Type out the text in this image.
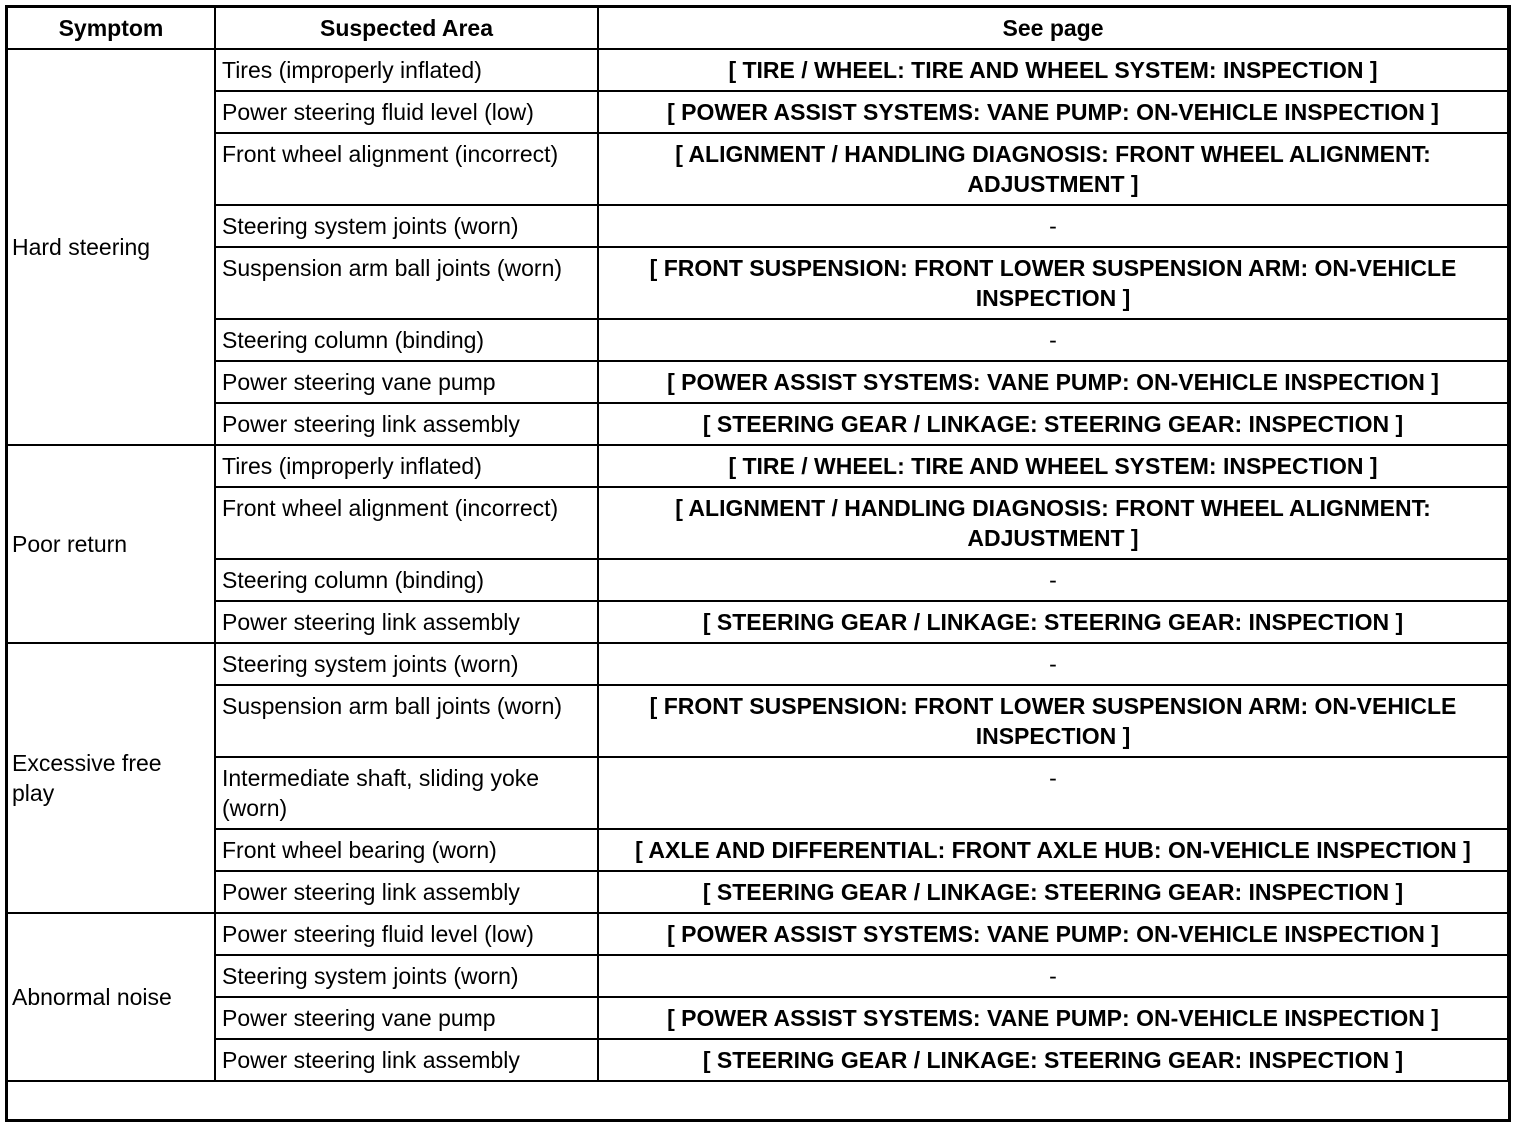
Symptom	Suspected Area	See page
Hard steering	Tires (improperly inflated)	[ TIRE / WHEEL: TIRE AND WHEEL SYSTEM: INSPECTION ]
	Power steering fluid level (low)	[ POWER ASSIST SYSTEMS: VANE PUMP: ON-VEHICLE INSPECTION ]
	Front wheel alignment (incorrect)	[ ALIGNMENT / HANDLING DIAGNOSIS: FRONT WHEEL ALIGNMENT: ADJUSTMENT ]
	Steering system joints (worn)	-
	Suspension arm ball joints (worn)	[ FRONT SUSPENSION: FRONT LOWER SUSPENSION ARM: ON-VEHICLE INSPECTION ]
	Steering column (binding)	-
	Power steering vane pump	[ POWER ASSIST SYSTEMS: VANE PUMP: ON-VEHICLE INSPECTION ]
	Power steering link assembly	[ STEERING GEAR / LINKAGE: STEERING GEAR: INSPECTION ]
Poor return	Tires (improperly inflated)	[ TIRE / WHEEL: TIRE AND WHEEL SYSTEM: INSPECTION ]
	Front wheel alignment (incorrect)	[ ALIGNMENT / HANDLING DIAGNOSIS: FRONT WHEEL ALIGNMENT: ADJUSTMENT ]
	Steering column (binding)	-
	Power steering link assembly	[ STEERING GEAR / LINKAGE: STEERING GEAR: INSPECTION ]
Excessive free play	Steering system joints (worn)	-
	Suspension arm ball joints (worn)	[ FRONT SUSPENSION: FRONT LOWER SUSPENSION ARM: ON-VEHICLE INSPECTION ]
	Intermediate shaft, sliding yoke (worn)	-
	Front wheel bearing (worn)	[ AXLE AND DIFFERENTIAL: FRONT AXLE HUB: ON-VEHICLE INSPECTION ]
	Power steering link assembly	[ STEERING GEAR / LINKAGE: STEERING GEAR: INSPECTION ]
Abnormal noise	Power steering fluid level (low)	[ POWER ASSIST SYSTEMS: VANE PUMP: ON-VEHICLE INSPECTION ]
	Steering system joints (worn)	-
	Power steering vane pump	[ POWER ASSIST SYSTEMS: VANE PUMP: ON-VEHICLE INSPECTION ]
	Power steering link assembly	[ STEERING GEAR / LINKAGE: STEERING GEAR: INSPECTION ]
